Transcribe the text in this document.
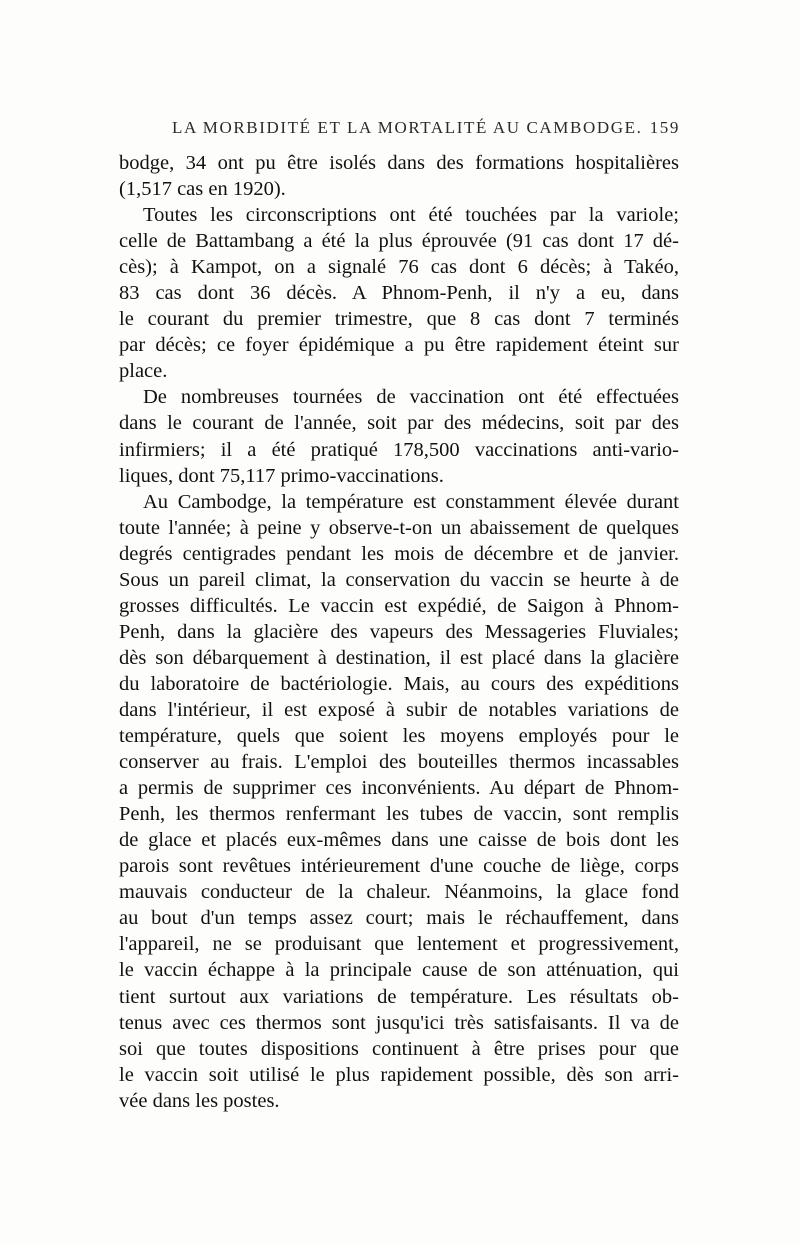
LA MORBIDITÉ ET LA MORTALITÉ AU CAMBODGE. 159
bodge, 34 ont pu être isolés dans des formations hospitalières
(1,517 cas en 1920).
Toutes les circonscriptions ont été touchées par la variole;
celle de Battambang a été la plus éprouvée (91 cas dont 17 dé-
cès); à Kampot, on a signalé 76 cas dont 6 décès; à Takéo,
83 cas dont 36 décès. A Phnom-Penh, il n'y a eu, dans
le courant du premier trimestre, que 8 cas dont 7 terminés
par décès; ce foyer épidémique a pu être rapidement éteint sur
place.
De nombreuses tournées de vaccination ont été effectuées
dans le courant de l'année, soit par des médecins, soit par des
infirmiers; il a été pratiqué 178,500 vaccinations anti-vario-
liques, dont 75,117 primo-vaccinations.
Au Cambodge, la température est constamment élevée durant
toute l'année; à peine y observe-t-on un abaissement de quelques
degrés centigrades pendant les mois de décembre et de janvier.
Sous un pareil climat, la conservation du vaccin se heurte à de
grosses difficultés. Le vaccin est expédié, de Saigon à Phnom-
Penh, dans la glacière des vapeurs des Messageries Fluviales;
dès son débarquement à destination, il est placé dans la glacière
du laboratoire de bactériologie. Mais, au cours des expéditions
dans l'intérieur, il est exposé à subir de notables variations de
température, quels que soient les moyens employés pour le
conserver au frais. L'emploi des bouteilles thermos incassables
a permis de supprimer ces inconvénients. Au départ de Phnom-
Penh, les thermos renfermant les tubes de vaccin, sont remplis
de glace et placés eux-mêmes dans une caisse de bois dont les
parois sont revêtues intérieurement d'une couche de liège, corps
mauvais conducteur de la chaleur. Néanmoins, la glace fond
au bout d'un temps assez court; mais le réchauffement, dans
l'appareil, ne se produisant que lentement et progressivement,
le vaccin échappe à la principale cause de son atténuation, qui
tient surtout aux variations de température. Les résultats ob-
tenus avec ces thermos sont jusqu'ici très satisfaisants. Il va de
soi que toutes dispositions continuent à être prises pour que
le vaccin soit utilisé le plus rapidement possible, dès son arri-
vée dans les postes.
